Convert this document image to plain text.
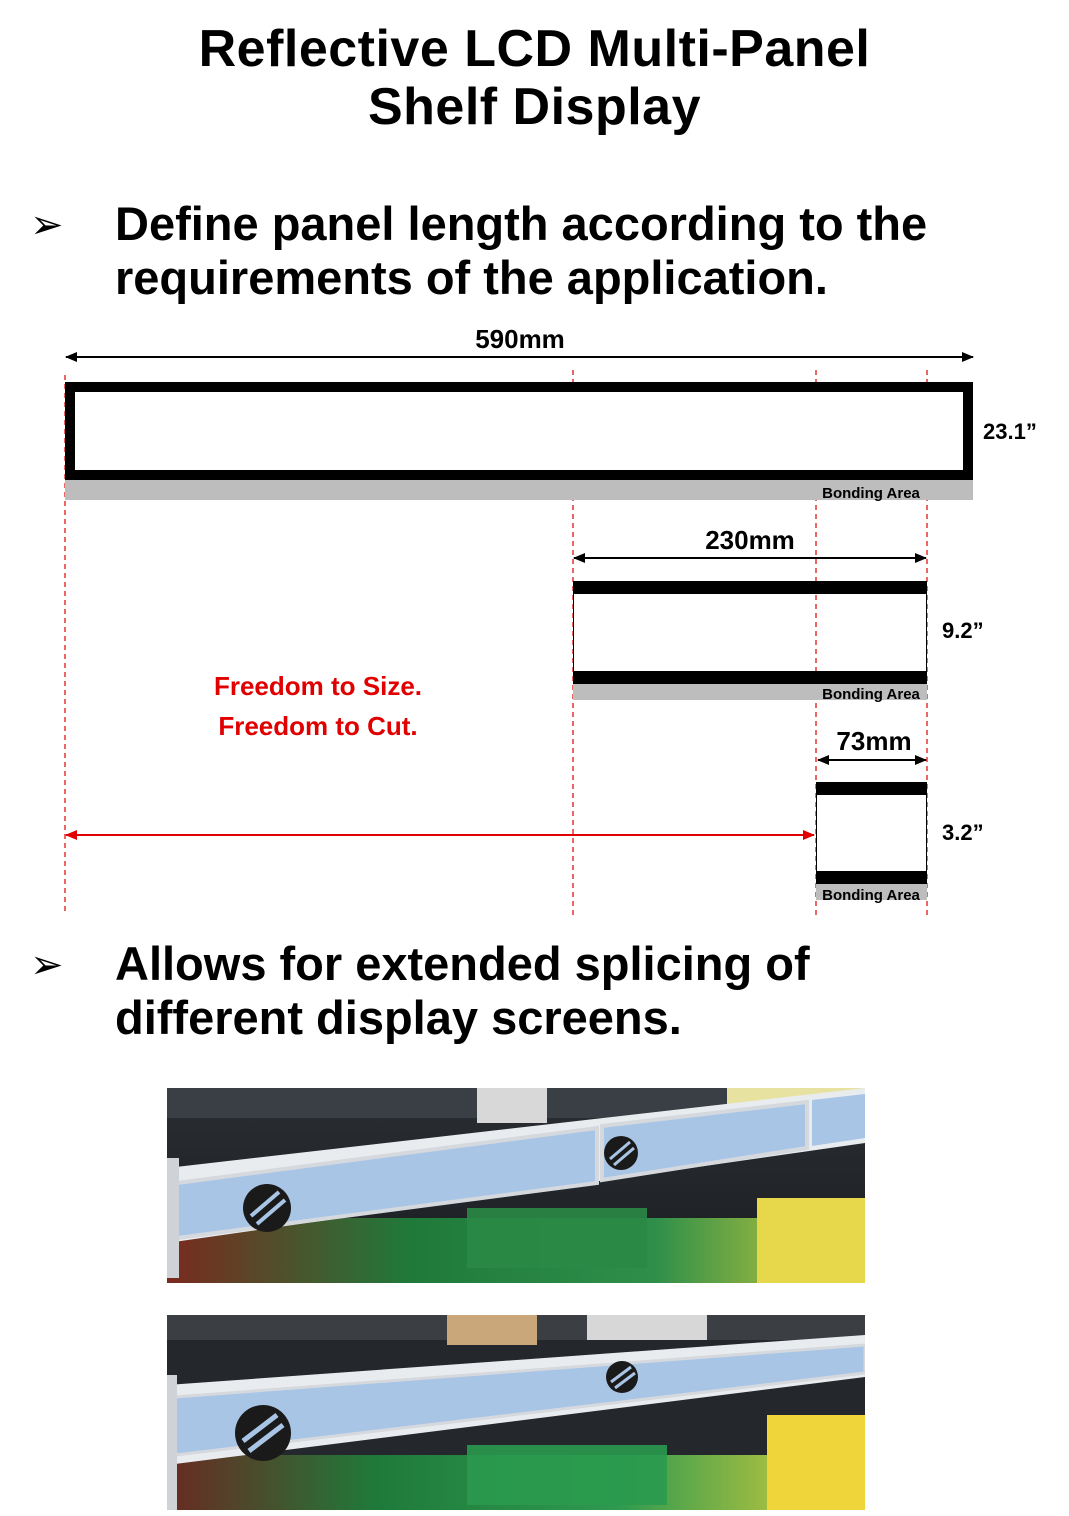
Reflective LCD Multi-Panel
Shelf Display
➢ Define panel length according to the
requirements of the application.
590mm
23.1”
Bonding Area
230mm
9.2”
Bonding Area
Freedom to Size.
Freedom to Cut.	73mm
3.2”
Bonding Area
➢ Allows for extended splicing of
different display screens.
